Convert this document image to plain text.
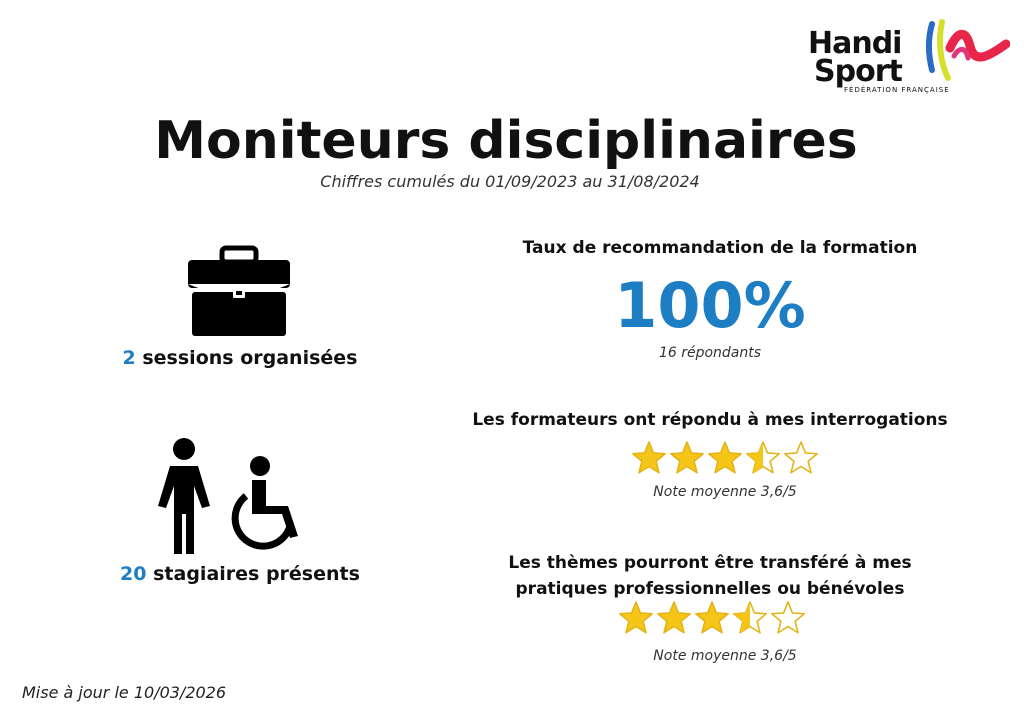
Handi
Sport
FÉDÉRATION FRANÇAISE
Moniteurs disciplinaires
Chiffres cumulés du 01/09/2023 au 31/08/2024
2 sessions organisées
20 stagiaires présents
Taux de recommandation de la formation
100%
16 répondants
Les formateurs ont répondu à mes interrogations
Note moyenne 3,6/5
Les thèmes pourront être transféré à mes
pratiques professionnelles ou bénévoles
Note moyenne 3,6/5
Mise à jour le 10/03/2026
